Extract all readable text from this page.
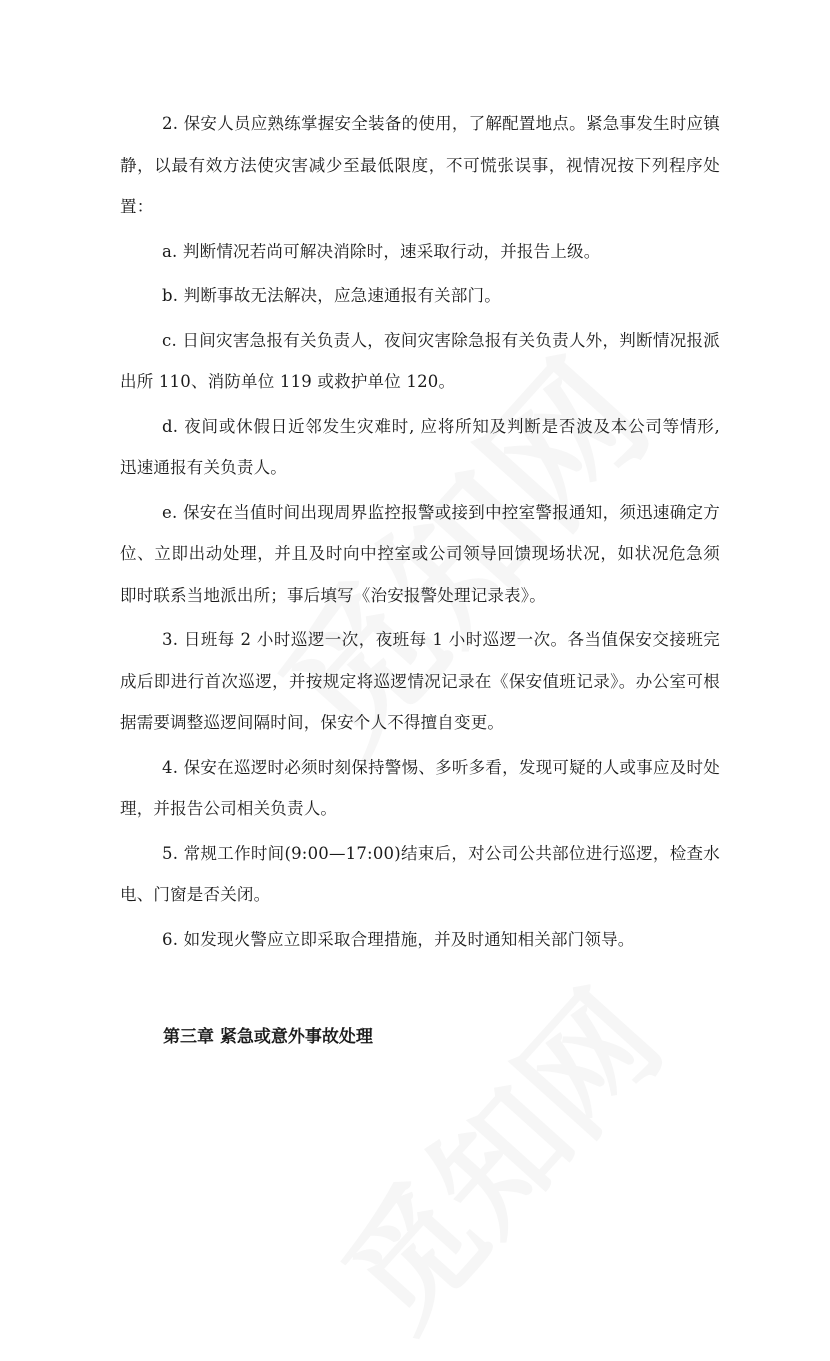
2. 保安人员应熟练掌握安全装备的使用，了解配置地点。紧急事发生时应镇静，以最有效方法使灾害减少至最低限度，不可慌张误事，视情况按下列程序处置：

a. 判断情况若尚可解决消除时，速采取行动，并报告上级。

b. 判断事故无法解决，应急速通报有关部门。

c. 日间灾害急报有关负责人，夜间灾害除急报有关负责人外，判断情况报派出所 110、消防单位 119 或救护单位 120。

d. 夜间或休假日近邻发生灾难时, 应将所知及判断是否波及本公司等情形, 迅速通报有关负责人。

e. 保安在当值时间出现周界监控报警或接到中控室警报通知，须迅速确定方位、立即出动处理，并且及时向中控室或公司领导回馈现场状况，如状况危急须即时联系当地派出所；事后填写《治安报警处理记录表》。

3. 日班每 2 小时巡逻一次，夜班每 1 小时巡逻一次。各当值保安交接班完成后即进行首次巡逻，并按规定将巡逻情况记录在《保安值班记录》。办公室可根据需要调整巡逻间隔时间，保安个人不得擅自变更。

4. 保安在巡逻时必须时刻保持警惕、多听多看，发现可疑的人或事应及时处理，并报告公司相关负责人。

5. 常规工作时间(9:00—17:00)结束后，对公司公共部位进行巡逻，检查水电、门窗是否关闭。

6. 如发现火警应立即采取合理措施，并及时通知相关部门领导。

第三章 紧急或意外事故处理
